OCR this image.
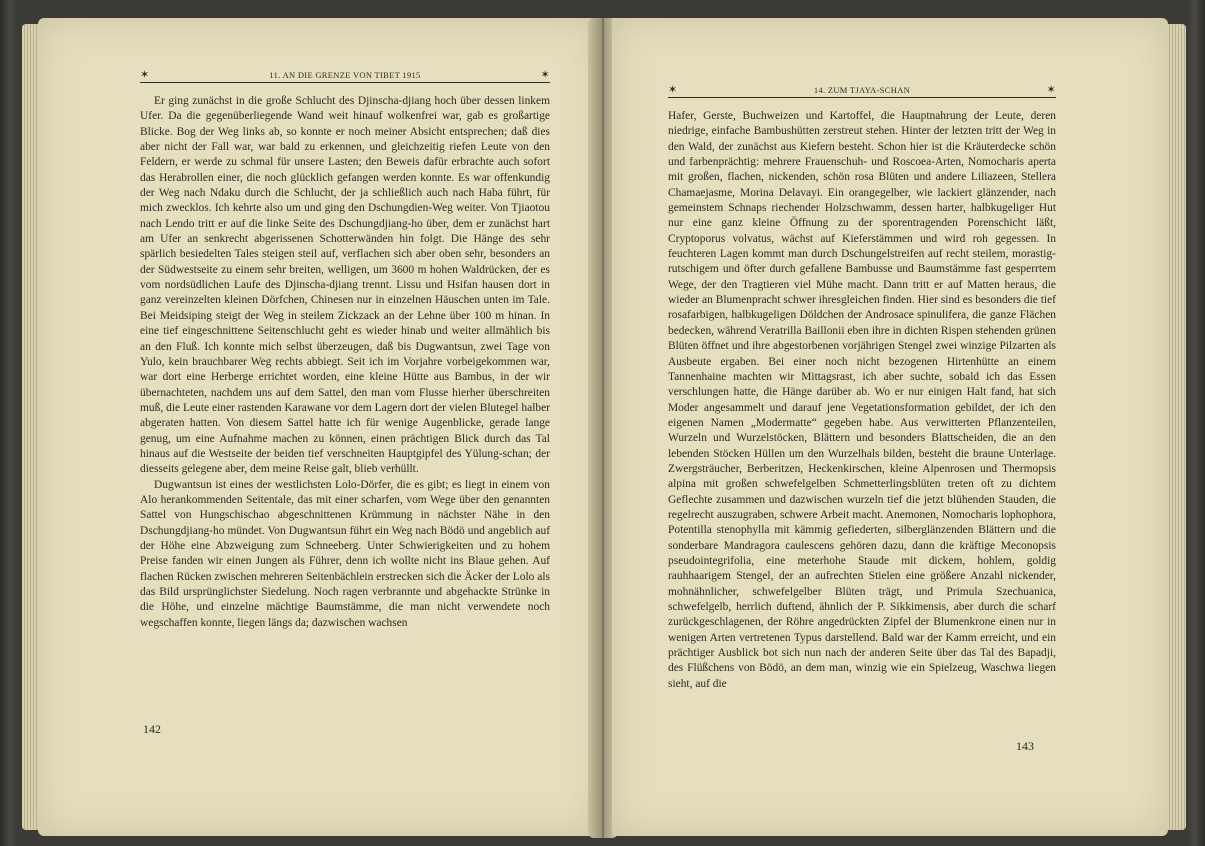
✶	11. AN DIE GRENZE VON TIBET 1915	✶

Er ging zunächst in die große Schlucht des Djinscha-djiang hoch über dessen linkem Ufer. Da die gegenüberliegende Wand weit hinauf wolkenfrei war, gab es großartige Blicke. Bog der Weg links ab, so konnte er noch meiner Absicht entsprechen; daß dies aber nicht der Fall war, war bald zu erkennen, und gleichzeitig riefen Leute von den Feldern, er werde zu schmal für unsere Lasten; den Beweis dafür erbrachte auch sofort das Herabrollen einer, die noch glücklich gefangen werden konnte. Es war offenkundig der Weg nach Ndaku durch die Schlucht, der ja schließlich auch nach Haba führt, für mich zwecklos. Ich kehrte also um und ging den Dschungdien-Weg weiter. Von Tjiaotou nach Lendo tritt er auf die linke Seite des Dschungdjiang-ho über, dem er zunächst hart am Ufer an senkrecht abgerissenen Schotterwänden hin folgt. Die Hänge des sehr spärlich besiedelten Tales steigen steil auf, verflachen sich aber oben sehr, besonders an der Südwestseite zu einem sehr breiten, welligen, um 3600 m hohen Waldrücken, der es vom nordsüdlichen Laufe des Djinscha-djiang trennt. Lissu und Hsifan hausen dort in ganz vereinzelten kleinen Dörfchen, Chinesen nur in einzelnen Häuschen unten im Tale. Bei Meidsiping steigt der Weg in steilem Zickzack an der Lehne über 100 m hinan. In eine tief eingeschnittene Seitenschlucht geht es wieder hinab und weiter allmählich bis an den Fluß. Ich konnte mich selbst überzeugen, daß bis Dugwantsun, zwei Tage von Yulo, kein brauchbarer Weg rechts abbiegt. Seit ich im Vorjahre vorbeigekommen war, war dort eine Herberge errichtet worden, eine kleine Hütte aus Bambus, in der wir übernachteten, nachdem uns auf dem Sattel, den man vom Flusse hierher überschreiten muß, die Leute einer rastenden Karawane vor dem Lagern dort der vielen Blutegel halber abgeraten hatten. Von diesem Sattel hatte ich für wenige Augenblicke, gerade lange genug, um eine Aufnahme machen zu können, einen prächtigen Blick durch das Tal hinaus auf die Westseite der beiden tief verschneiten Hauptgipfel des Yülung-schan; der diesseits gelegene aber, dem meine Reise galt, blieb verhüllt.

Dugwantsun ist eines der westlichsten Lolo-Dörfer, die es gibt; es liegt in einem von Alo herankommenden Seitentale, das mit einer scharfen, vom Wege über den genannten Sattel von Hungschischao abgeschnittenen Krümmung in nächster Nähe in den Dschungdjiang-ho mündet. Von Dugwantsun führt ein Weg nach Bödö und angeblich auf der Höhe eine Abzweigung zum Schneeberg. Unter Schwierigkeiten und zu hohem Preise fanden wir einen Jungen als Führer, denn ich wollte nicht ins Blaue gehen. Auf flachen Rücken zwischen mehreren Seitenbächlein erstrecken sich die Äcker der Lolo als das Bild ursprünglichster Siedelung. Noch ragen verbrannte und abgehackte Strünke in die Höhe, und einzelne mächtige Baumstämme, die man nicht verwendete noch wegschaffen konnte, liegen längs da; dazwischen wachsen

142
✶	14. ZUM TJAYA-SCHAN	✶

Hafer, Gerste, Buchweizen und Kartoffel, die Hauptnahrung der Leute, deren niedrige, einfache Bambushütten zerstreut stehen. Hinter der letzten tritt der Weg in den Wald, der zunächst aus Kiefern besteht. Schon hier ist die Kräuterdecke schön und farbenprächtig: mehrere Frauenschuh- und Roscoea-Arten, Nomocharis aperta mit großen, flachen, nickenden, schön rosa Blüten und andere Liliazeen, Stellera Chamaejasme, Morina Delavayi. Ein orangegelber, wie lackiert glänzender, nach gemeinstem Schnaps riechender Holzschwamm, dessen harter, halbkugeliger Hut nur eine ganz kleine Öffnung zu der sporentragenden Porenschicht läßt, Cryptoporus volvatus, wächst auf Kieferstämmen und wird roh gegessen. In feuchteren Lagen kommt man durch Dschungelstreifen auf recht steilem, morastig-rutschigem und öfter durch gefallene Bambusse und Baumstämme fast gesperrtem Wege, der den Tragtieren viel Mühe macht. Dann tritt er auf Matten heraus, die wieder an Blumenpracht schwer ihresgleichen finden. Hier sind es besonders die tief rosafarbigen, halbkugeligen Döldchen der Androsace spinulifera, die ganze Flächen bedecken, während Veratrilla Baillonii eben ihre in dichten Rispen stehenden grünen Blüten öffnet und ihre abgestorbenen vorjährigen Stengel zwei winzige Pilzarten als Ausbeute ergaben. Bei einer noch nicht bezogenen Hirtenhütte an einem Tannenhaine machten wir Mittagsrast, ich aber suchte, sobald ich das Essen verschlungen hatte, die Hänge darüber ab. Wo er nur einigen Halt fand, hat sich Moder angesammelt und darauf jene Vegetationsformation gebildet, der ich den eigenen Namen „Modermatte“ gegeben habe. Aus verwitterten Pflanzenteilen, Wurzeln und Wurzelstöcken, Blättern und besonders Blattscheiden, die an den lebenden Stöcken Hüllen um den Wurzelhals bilden, besteht die braune Unterlage. Zwergsträucher, Berberitzen, Heckenkirschen, kleine Alpenrosen und Thermopsis alpina mit großen schwefelgelben Schmetterlingsblüten treten oft zu dichtem Geflechte zusammen und dazwischen wurzeln tief die jetzt blühenden Stauden, die regelrecht auszugraben, schwere Arbeit macht. Anemonen, Nomocharis lophophora, Potentilla stenophylla mit kämmig gefiederten, silberglänzenden Blättern und die sonderbare Mandragora caulescens gehören dazu, dann die kräftige Meconopsis pseudointegrifolia, eine meterhohe Staude mit dickem, hohlem, goldig rauhhaarigem Stengel, der an aufrechten Stielen eine größere Anzahl nickender, mohnähnlicher, schwefelgelber Blüten trägt, und Primula Szechuanica, schwefelgelb, herrlich duftend, ähnlich der P. Sikkimensis, aber durch die scharf zurückgeschlagenen, der Röhre angedrückten Zipfel der Blumenkrone einen nur in wenigen Arten vertretenen Typus darstellend. Bald war der Kamm erreicht, und ein prächtiger Ausblick bot sich nun nach der anderen Seite über das Tal des Bapadji, des Flüßchens von Bödö, an dem man, winzig wie ein Spielzeug, Waschwa liegen sieht, auf die

143
